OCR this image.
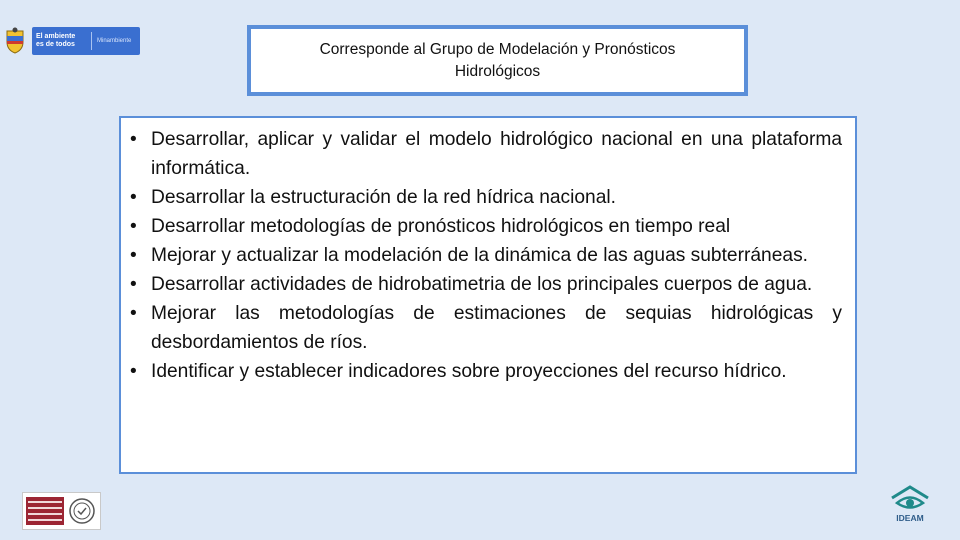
El ambiente
es de todos	Minambiente	Corresponde al Grupo de Modelación y Pronósticos Hidrológicos
• Desarrollar, aplicar y validar el modelo hidrológico nacional en una plataforma informática.
• Desarrollar la estructuración de la red hídrica nacional.
• Desarrollar metodologías de pronósticos hidrológicos en tiempo real
• Mejorar y actualizar la modelación de la dinámica de las aguas subterráneas.
• Desarrollar actividades de hidrobatimetria de los principales cuerpos de agua.
• Mejorar las metodologías de estimaciones de sequias hidrológicas y desbordamientos de ríos.
• Identificar y establecer indicadores sobre proyecciones del recurso hídrico.
IDEAM
